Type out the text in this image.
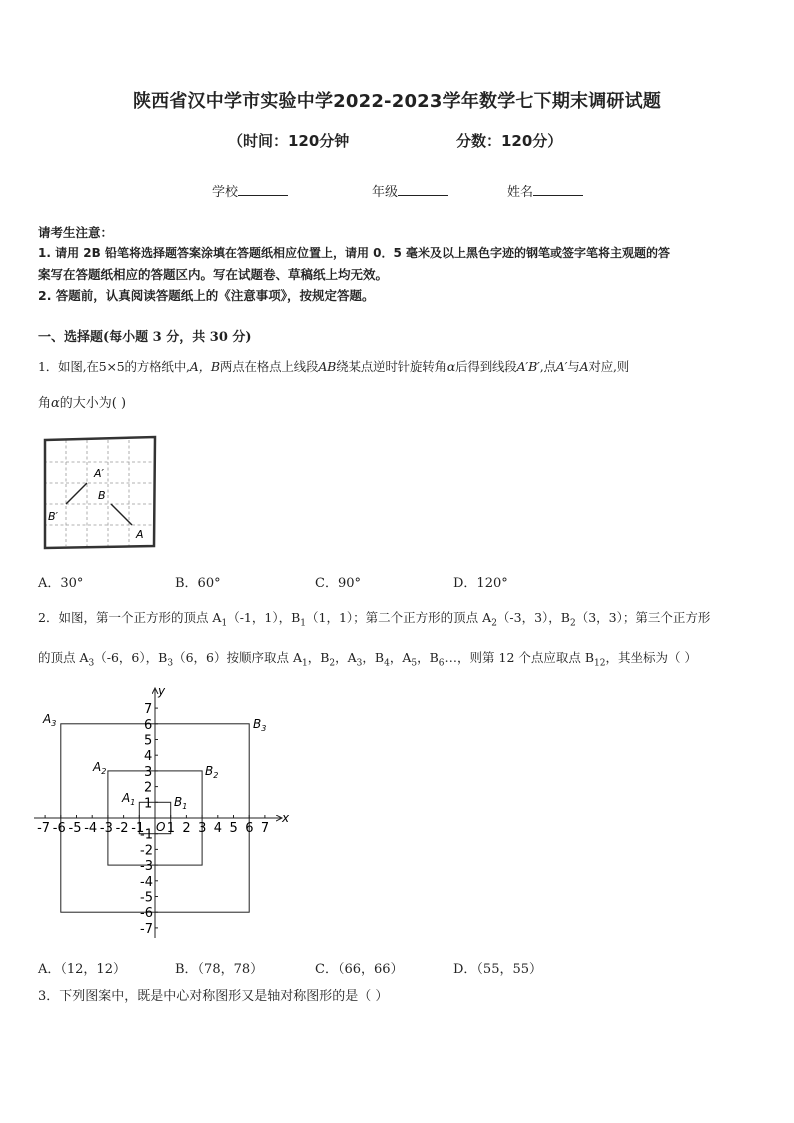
陕西省汉中学市实验中学2022-2023学年数学七下期末调研试题
（时间：120分钟	分数：120分）
学校	年级	姓名
请考生注意：
1. 请用 2B 铅笔将选择题答案涂填在答题纸相应位置上，请用 0．5 毫米及以上黑色字迹的钢笔或签字笔将主观题的答
案写在答题纸相应的答题区内。写在试题卷、草稿纸上均无效。
2. 答题前，认真阅读答题纸上的《注意事项》，按规定答题。
一、选择题(每小题 3 分，共 30 分)
1．如图,在5×5的方格纸中,A，B两点在格点上线段AB绕某点逆时针旋转角α后得到线段A′B′,点A′与A对应,则
角α的大小为( )
A′
B
B′
A
A．30°	B．60°	C．90°	D．120°
2．如图，第一个正方形的顶点 $A_1(-1$，1），$B_1(1$，1）；第二个正方形的顶点 $A_2(-3$，3），$B_2(3$，3）；第三个正方形
的顶点 $A_3(-6$，6），$B_3(6$，6）按顺序取点 $A_1$，$B_2$，$A_3$，$B_4$，$A_5$，$B_6\dots$，则第 12 个点应取点 $B_{12}$，其坐标为（ ）
-7 -6 -5 -4 -3 -2 -1 1 2 3 4 5 6 7
7
6
5
4
3
2
1
-1
-2
-3
-4
-5
-6
-7
y
x
O
$A_1$	$B_1$
$A_2$	$B_2$
$A_3$	$B_3$
A．（12，12）	B．（78，78）	C．（66，66）	D．（55，55）
3．下列图案中，既是中心对称图形又是轴对称图形的是（ ）
